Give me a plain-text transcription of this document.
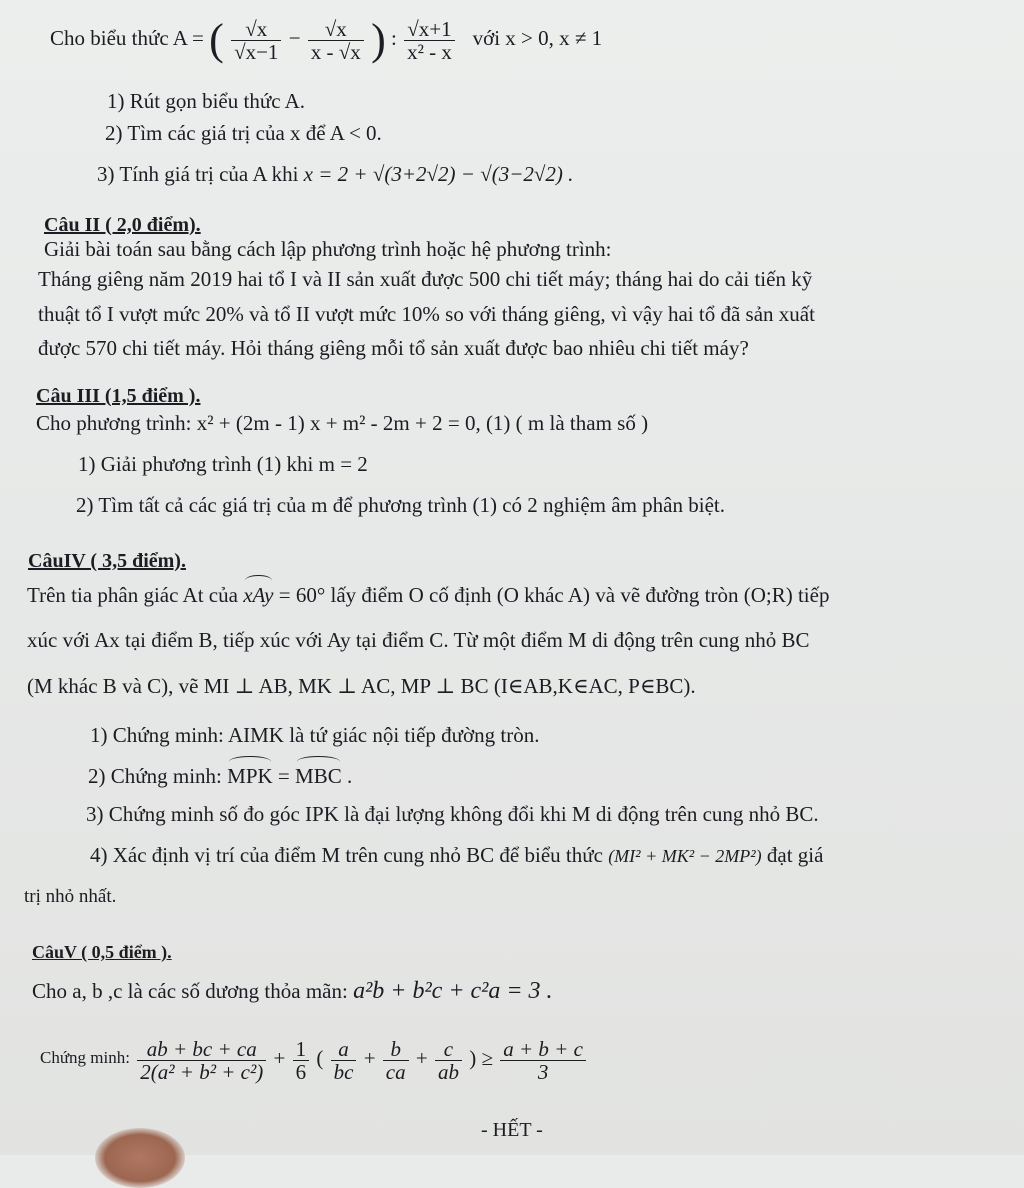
Cho biểu thức A = ( $\frac{√x}{√x-1} - \frac{√x}{x - √x}$ ) : $\frac{√x+1}{\text{x² - x}}$ với x > 0, x ≠ 1
1) Rút gọn biểu thức A.
2) Tìm các giá trị của x để A < 0.
3) Tính giá trị của A khi x = 2 + √(3+2√2) − √(3−2√2) .
Câu II ( 2,0 điểm).
Giải bài toán sau bằng cách lập phương trình hoặc hệ phương trình:
Tháng giêng năm 2019 hai tổ I và II sản xuất được 500 chi tiết máy; tháng hai do cải tiến kỹ
thuật tổ I vượt mức 20% và tổ II vượt mức 10% so với tháng giêng, vì vậy hai tổ đã sản xuất
được 570 chi tiết máy. Hỏi tháng giêng mỗi tổ sản xuất được bao nhiêu chi tiết máy?
Câu III (1,5 điểm ).
Cho phương trình: x² + (2m - 1) x + m² - 2m + 2 = 0, (1) ( m là tham số )
1) Giải phương trình (1) khi m = 2
2) Tìm tất cả các giá trị của m để phương trình (1) có 2 nghiệm âm phân biệt.
CâuIV ( 3,5 điểm).
Trên tia phân giác At của xAy = 60° lấy điểm O cố định (O khác A) và vẽ đường tròn (O;R) tiếp
xúc với Ax tại điểm B, tiếp xúc với Ay tại điểm C. Từ một điểm M di động trên cung nhỏ BC
(M khác B và C), vẽ MI ⊥ AB, MK ⊥ AC, MP ⊥ BC (I∈AB,K∈AC, P∈BC).
1) Chứng minh: AIMK là tứ giác nội tiếp đường tròn.
2) Chứng minh: MPK = MBC .
3) Chứng minh số đo góc IPK là đại lượng không đổi khi M di động trên cung nhỏ BC.
4) Xác định vị trí của điểm M trên cung nhỏ BC để biểu thức (MI² + MK² − 2MP²) đạt giá
trị nhỏ nhất.
CâuV ( 0,5 điểm ).
Cho a, b ,c là các số dương thỏa mãn: a²b + b²c + c²a = 3 .
$^{Chứng minh:} \frac{ab + bc + ca}{\text{2(a² + b² + c²)}} + \frac{1}{6}$ ( $\frac{a}{bc} + \frac{b}{ca} + \frac{c}{ab}$ ) ≥ $\frac{a + b + c}{3}$
- HẾT -
